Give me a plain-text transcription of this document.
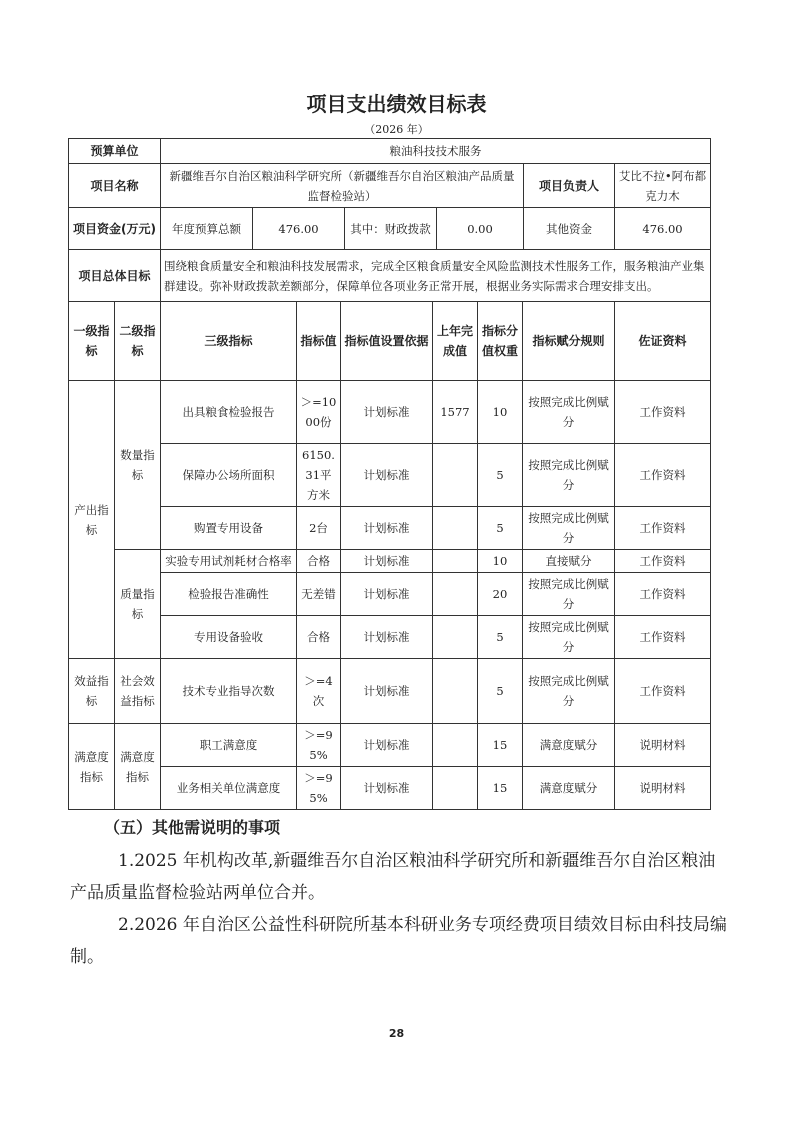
项目支出绩效目标表
（2026 年）
预算单位	粮油科技技术服务					
项目名称	新疆维吾尔自治区粮油科学研究所（新疆维吾尔自治区粮油产品质量监督检验站）				项目负责人	艾比不拉•阿布都克力木
项目资金(万元)	年度预算总额	476.00	其中：财政拨款	0.00	其他资金	476.00
项目总体目标	围绕粮食质量安全和粮油科技发展需求，完成全区粮食质量安全风险监测技术性服务工作，服务粮油产业集群建设。弥补财政拨款差额部分，保障单位各项业务正常开展，根据业务实际需求合理安排支出。					
一级指标	二级指标	三级指标	指标值	指标值设置依据	上年完成值	指标分值权重	指标赋分规则	佐证资料
产出指标	数量指标	出具粮食检验报告	＞=1000份	计划标准	1577	10	按照完成比例赋分	工作资料
		保障办公场所面积	6150.31平方米	计划标准		5	按照完成比例赋分	工作资料
		购置专用设备	2台	计划标准		5	按照完成比例赋分	工作资料
	质量指标	实验专用试剂耗材合格率	合格	计划标准		10	直接赋分	工作资料
		检验报告准确性	无差错	计划标准		20	按照完成比例赋分	工作资料
		专用设备验收	合格	计划标准		5	按照完成比例赋分	工作资料
效益指标	社会效益指标	技术专业指导次数	＞=4次	计划标准		5	按照完成比例赋分	工作资料
满意度指标	满意度指标	职工满意度	＞=95%	计划标准		15	满意度赋分	说明材料
		业务相关单位满意度	＞=95%	计划标准		15	满意度赋分	说明材料
（五）其他需说明的事项
1.2025 年机构改革,新疆维吾尔自治区粮油科学研究所和新疆维吾尔自治区粮油产品质量监督检验站两单位合并。
2.2026 年自治区公益性科研院所基本科研业务专项经费项目绩效目标由科技局编制。
28
